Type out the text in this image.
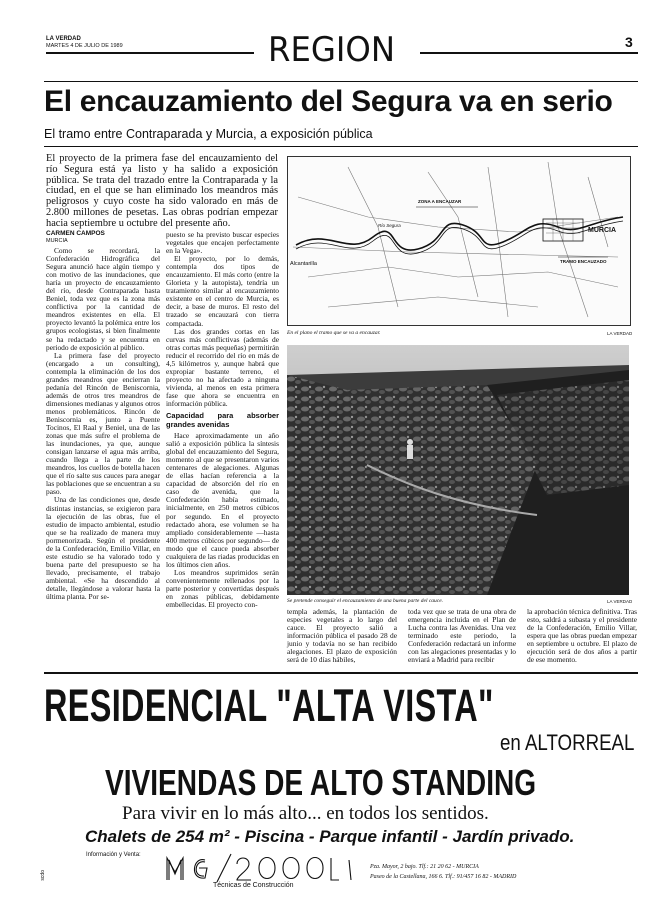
LA VERDAD
MARTES 4 DE JULIO DE 1989	REGION	3
El encauzamiento del Segura va en serio
El tramo entre Contraparada y Murcia, a exposición pública
El proyecto de la primera fase del encauzamiento del río Segura está ya listo y ha salido a exposición pública. Se trata del trazado entre la Contraparada y la ciudad, en el que se han eliminado los meandros más peligrosos y cuyo coste ha sido valorado en más de 2.800 millones de pesetas. Las obras podrían empezar hacia septiembre u octubre del presente año.
CARMEN CAMPOS
MURCIA

Como se recordará, la Confederación Hidrográfica del Segura anunció hace algún tiempo y con motivo de las inundaciones, que haría un proyecto de encauzamiento del río, desde Contraparada hasta Beniel, toda vez que es la zona más conflictiva por la cantidad de meandros existentes en ella. El proyecto levantó la polémica entre los grupos ecologistas, si bien finalmente se ha redactado y se encuentra en periodo de exposición al público.

La primera fase del proyecto (encargado a un consulting), contempla la eliminación de los dos grandes meandros que encierran la pedanía del Rincón de Beniscornia, además de otros tres meandros de dimensiones medianas y algunos otros menos problemáticos. Rincón de Beniscornia es, junto a Puente Tocinos, El Raal y Beniel, una de las zonas que más sufre el problema de las inundaciones, ya que, aunque consigan lanzarse el agua más arriba, cuando llega a la parte de los meandros, los cuellos de botella hacen que el río salte sus cauces para anegar las poblaciones que se encuentran a su paso.

Una de las condiciones que, desde distintas instancias, se exigieron para la ejecución de las obras, fue el estudio de impacto ambiental, estudio que se ha realizado de manera muy pormenorizada. Según el presidente de la Confederación, Emilio Villar, en este estudio se ha valorado todo y buena parte del presupuesto se ha llevado, precisamente, el trabajo ambiental. «Se ha descendido al detalle, llegándose a valorar hasta la última planta. Por se-

puesto se ha previsto buscar especies vegetales que encajen perfectamente en la Vega».

El proyecto, por lo demás, contempla dos tipos de encauzamiento. El más corto (entre la Glorieta y la autopista), tendría un tratamiento similar al encauzamiento existente en el centro de Murcia, es decir, a base de muros. El resto del trazado se encauzará con tierra compactada.

Las dos grandes cortas en las curvas más conflictivas (además de otras cortas más pequeñas) permitirán reducir el recorrido del río en más de 4,5 kilómetros y, aunque habrá que expropiar bastante terreno, el proyecto no ha afectado a ninguna vivienda, al menos en esta primera fase que ahora se encuentra en información pública.

Capacidad para absorber grandes avenidas

Hace aproximadamente un año salió a exposición pública la síntesis global del encauzamiento del Segura, momento al que se presentaron varios centenares de alegaciones. Algunas de ellas hacían referencia a la capacidad de absorción del río en caso de avenida, que la Confederación había estimado, inicialmente, en 250 metros cúbicos por segundo. En el proyecto redactado ahora, ese volumen se ha ampliado considerablemente —hasta 400 metros cúbicos por segundo— de modo que el cauce pueda absorber cualquiera de las riadas producidas en los últimos cien años.

Los meandros suprimidos serán convenientemente rellenados por la parte posterior y convertidas después en zonas públicas, debidamente embellecidas. El proyecto con-

MURCIA
Alcantarilla
ZONA A ENCAUZAR
TRAMO ENCAUZADO
Río Segura
En el plano el tramo que se va a encauzar.	LA VERDAD
Se pretende conseguir el encauzamiento de una buena parte del cauce.	LA VERDAD

templa además, la plantación de especies vegetales a lo largo del cauce. El proyecto salió a información pública el pasado 28 de junio y todavía no se han recibido alegaciones. El plazo de exposición será de 10 días hábiles,

toda vez que se trata de una obra de emergencia incluida en el Plan de Lucha contra las Avenidas. Una vez terminado este periodo, la Confederación redactará un informe con las alegaciones presentadas y lo enviará a Madrid para recibir

la aprobación técnica definitiva. Tras esto, saldrá a subasta y el presidente de la Confederación, Emilio Villar, espera que las obras puedan empezar en septiembre u octubre. El plazo de ejecución será de dos años a partir de ese momento.

RESIDENCIAL "ALTA VISTA"
en ALTORREAL
VIVIENDAS DE ALTO STANDING
Para vivir en lo más alto... en todos los sentidos.
Chalets de 254 m² - Piscina - Parque infantil - Jardín privado.
Información y Venta:
Técnicas de Construcción
Pza. Mayor, 2 bajo. Tlf.: 21 20 62 - MURCIA
Paseo de la Castellana, 166 6. Tlf.: 91/457 16 82 - MADRID
scdo
